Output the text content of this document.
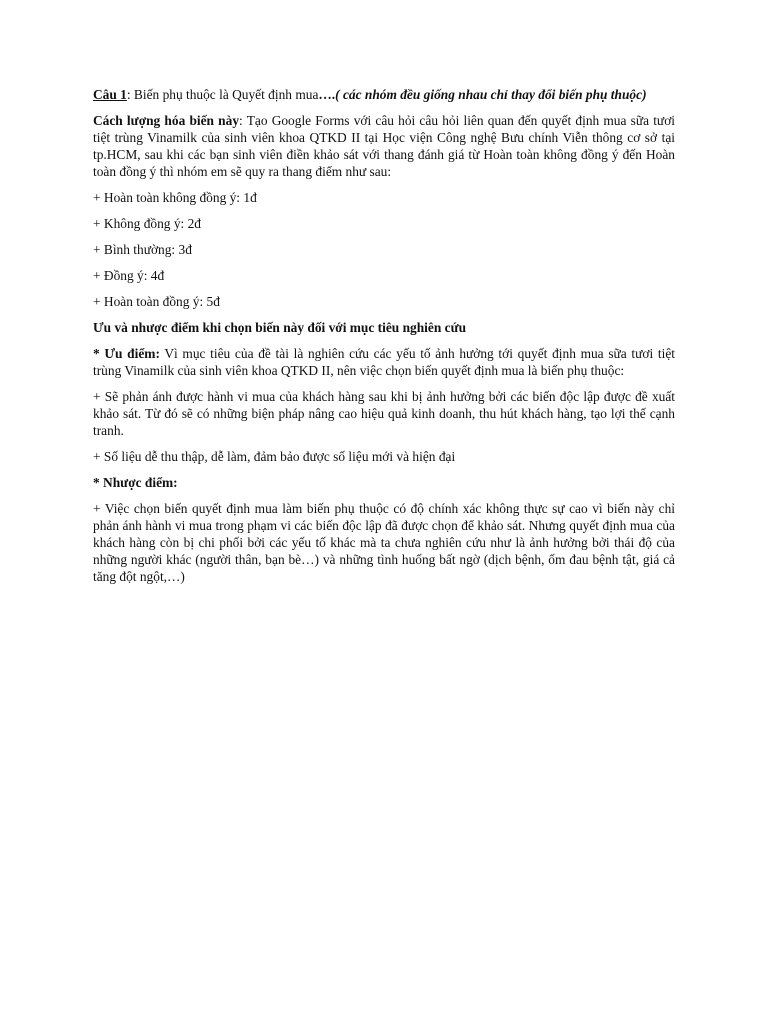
Câu 1: Biến phụ thuộc là Quyết định mua….( các nhóm đều giống nhau chỉ thay đổi biến phụ thuộc)

Cách lượng hóa biến này: Tạo Google Forms với câu hỏi câu hỏi liên quan đến quyết định mua sữa tươi tiệt trùng Vinamilk của sinh viên khoa QTKD II tại Học viện Công nghệ Bưu chính Viễn thông cơ sở tại tp.HCM, sau khi các bạn sinh viên điền khảo sát với thang đánh giá từ Hoàn toàn không đồng ý đến Hoàn toàn đồng ý thì nhóm em sẽ quy ra thang điểm như sau:

+ Hoàn toàn không đồng ý: 1đ

+ Không đồng ý: 2đ

+ Bình thường: 3đ

+ Đồng ý: 4đ

+ Hoàn toàn đồng ý: 5đ

Ưu và nhược điểm khi chọn biến này đối với mục tiêu nghiên cứu

* Ưu điểm: Vì mục tiêu của đề tài là nghiên cứu các yếu tố ảnh hưởng tới quyết định mua sữa tươi tiệt trùng Vinamilk của sinh viên khoa QTKD II, nên việc chọn biến quyết định mua là biến phụ thuộc:

+ Sẽ phản ánh được hành vi mua của khách hàng sau khi bị ảnh hưởng bởi các biến độc lập được đề xuất khảo sát. Từ đó sẽ có những biện pháp nâng cao hiệu quả kinh doanh, thu hút khách hàng, tạo lợi thế cạnh tranh.

+ Số liệu dễ thu thập, dễ làm, đảm bảo được số liệu mới và hiện đại

* Nhược điểm:

+ Việc chọn biến quyết định mua làm biến phụ thuộc có độ chính xác không thực sự cao vì biến này chỉ phản ánh hành vi mua trong phạm vi các biến độc lập đã được chọn để khảo sát. Nhưng quyết định mua của khách hàng còn bị chi phối bởi các yếu tố khác mà ta chưa nghiên cứu như là ảnh hưởng bởi thái độ của những người khác (người thân, bạn bè…) và những tình huống bất ngờ (dịch bệnh, ốm đau bệnh tật, giá cả tăng đột ngột,…)
